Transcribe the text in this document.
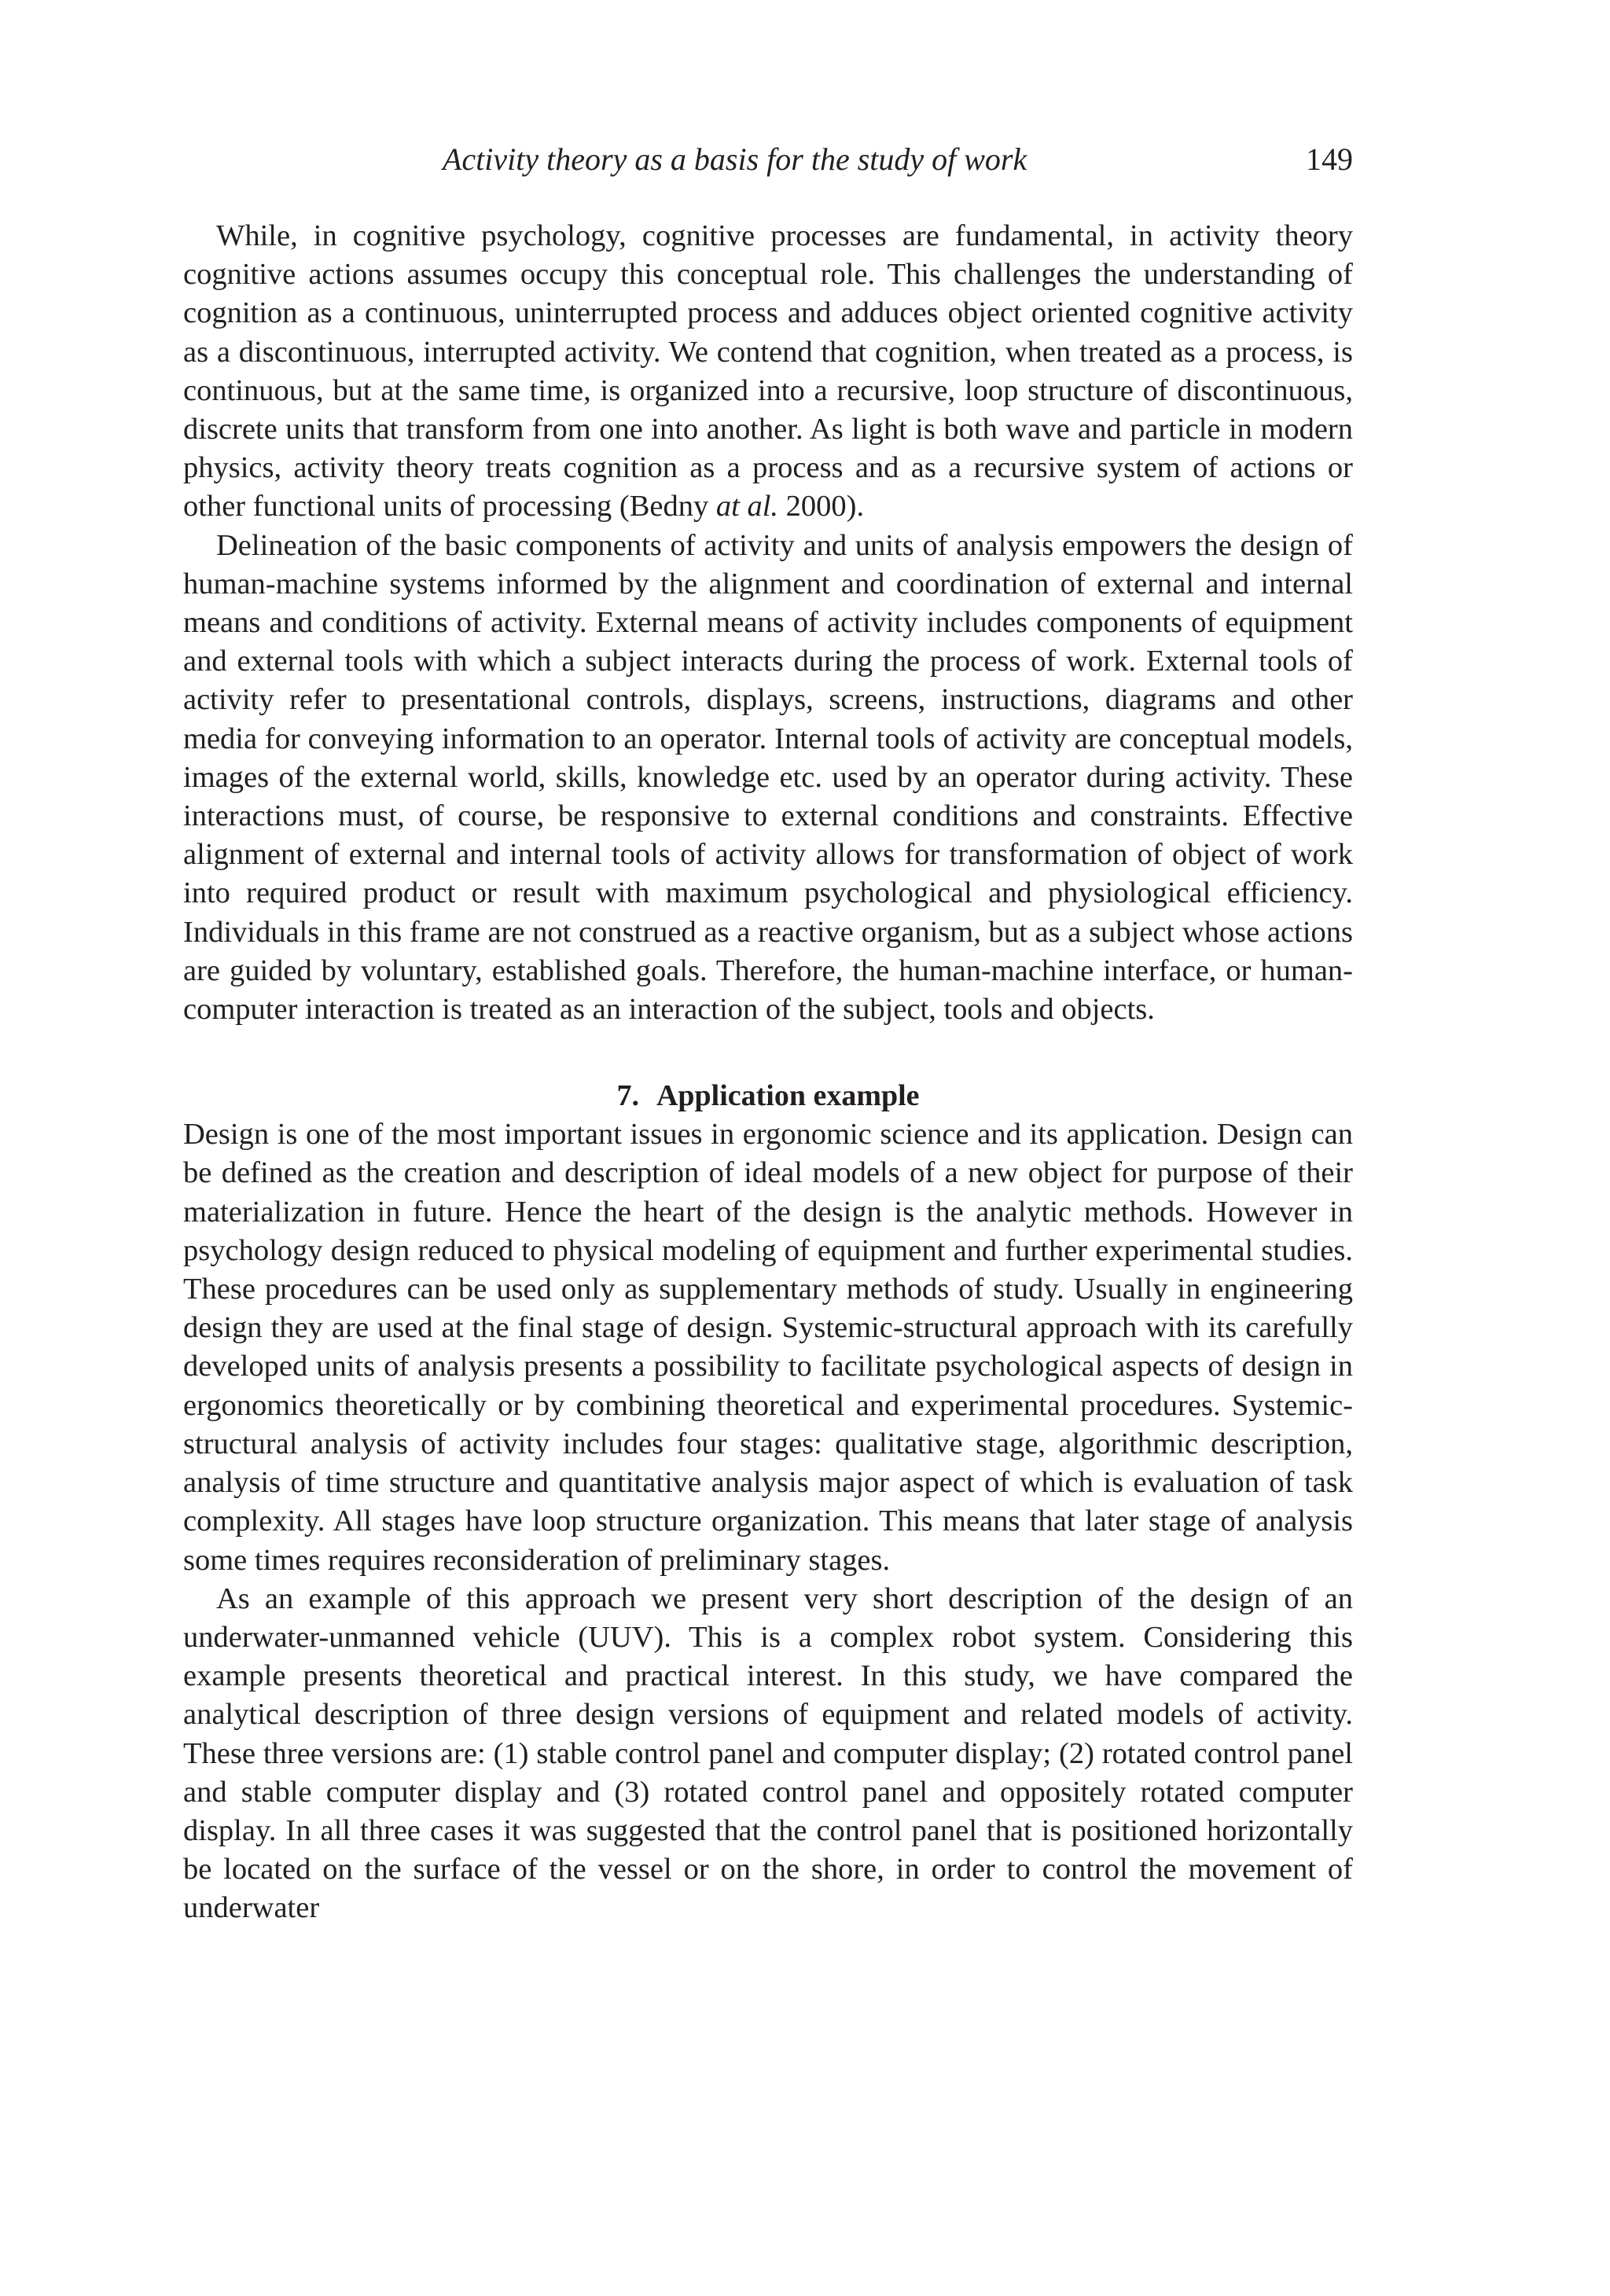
Activity theory as a basis for the study of work	149

While, in cognitive psychology, cognitive processes are fundamental, in activity theory cognitive actions assumes occupy this conceptual role. This challenges the understanding of cognition as a continuous, uninterrupted process and adduces object oriented cognitive activity as a discontinuous, interrupted activity. We contend that cognition, when treated as a process, is continuous, but at the same time, is organized into a recursive, loop structure of discontinuous, discrete units that transform from one into another. As light is both wave and particle in modern physics, activity theory treats cognition as a process and as a recursive system of actions or other functional units of processing (Bedny at al. 2000).

Delineation of the basic components of activity and units of analysis empowers the design of human-machine systems informed by the alignment and coordination of external and internal means and conditions of activity. External means of activity includes components of equipment and external tools with which a subject interacts during the process of work. External tools of activity refer to presentational controls, displays, screens, instructions, diagrams and other media for conveying information to an operator. Internal tools of activity are conceptual models, images of the external world, skills, knowledge etc. used by an operator during activity. These interactions must, of course, be responsive to external conditions and constraints. Effective alignment of external and internal tools of activity allows for transformation of object of work into required product or result with maximum psychological and physiological efficiency. Individuals in this frame are not construed as a reactive organism, but as a subject whose actions are guided by voluntary, established goals. Therefore, the human-machine interface, or human-computer interaction is treated as an interaction of the subject, tools and objects.

7. Application example

Design is one of the most important issues in ergonomic science and its application. Design can be defined as the creation and description of ideal models of a new object for purpose of their materialization in future. Hence the heart of the design is the analytic methods. However in psychology design reduced to physical modeling of equipment and further experimental studies. These procedures can be used only as supplementary methods of study. Usually in engineering design they are used at the final stage of design. Systemic-structural approach with its carefully developed units of analysis presents a possibility to facilitate psychological aspects of design in ergonomics theoretically or by combining theoretical and experimental procedures. Systemic-structural analysis of activity includes four stages: qualitative stage, algorithmic description, analysis of time structure and quantitative analysis major aspect of which is evaluation of task complexity. All stages have loop structure organization. This means that later stage of analysis some times requires reconsideration of preliminary stages.

As an example of this approach we present very short description of the design of an underwater-unmanned vehicle (UUV). This is a complex robot system. Considering this example presents theoretical and practical interest. In this study, we have compared the analytical description of three design versions of equipment and related models of activity. These three versions are: (1) stable control panel and computer display; (2) rotated control panel and stable computer display and (3) rotated control panel and oppositely rotated computer display. In all three cases it was suggested that the control panel that is positioned horizontally be located on the surface of the vessel or on the shore, in order to control the movement of underwater
